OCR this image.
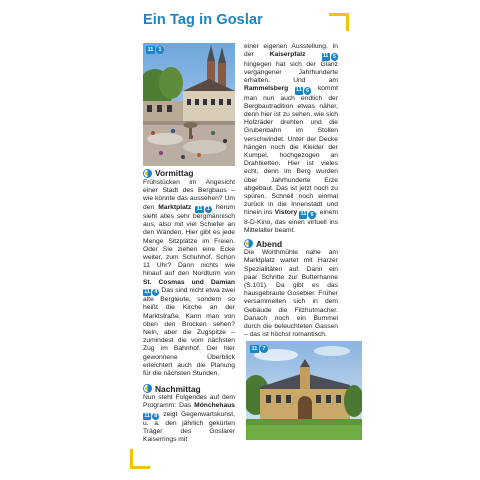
Ein Tag in Goslar
11 1
Vormittag

Frühstücken im Angesicht einer Stadt des Bergbaus – wie könnte das aussehen? Um den Marktplatz 11 1 herum sieht alles sehr bergmännisch aus, also mit viel Schiefer an den Wänden. Hier gibt es jede Menge Sitzplätze im Freien. Oder Sie ziehen eine Ecke weiter, zum Schuhhof. Schon 11 Uhr? Dann nichts wie hinauf auf den Nordturm von St. Cosmas und Damian
11 4 Das sind nicht etwa zwei alte Bergleute, sondern so heißt die Kirche an der Marktstraße. Kann man von oben den Brocken sehen? Nein, aber die Zugspitze – zumindest die vom nächsten Zug im Bahnhof. Der hier gewonnene Überblick erleichtert auch die Planung für die nächsten Stunden.

Nachmittag

Nun steht Folgendes auf dem Programm: Das Mönchehaus
11 8 zeigt Gegenwartskunst, u. a. den jährlich gekürten Träger des Goslarer Kaiserrings mit

einer eigenen Ausstellung. In der Kaiserpfalz	11 5
hingegen hat sich der Glanz vergangener Jahrhunderte erhalten. Und am Rammelsberg 11 6	kommt man nun auch endlich der Bergbautradition etwas näher, denn hier ist zu sehen, wie sich Holzräder drehten und die Grubenbahn im Stollen verschwindet. Unter der Decke hängen noch die Kleider der Kumpel, hochgezogen an Drahtketten. Hier ist vieles echt, denn im Berg wurden über Jahrhunderte Erze abgebaut. Das ist jetzt noch zu spüren. Schnell noch einmal zurück in die Innenstadt und hinein ins Vistory 11 6 , einem 8-D-Kino, das einen virtuell ins Mittelalter beamt.

Abend

Die Worthmühle nahe am Marktplatz wartet mit Harzer Spezialitäten auf. Dann ein paar Schritte zur Butterhanne (S.101). Da gibt es das hausgebraute Gosebier. Früher versammelten sich in dem Gebäude die Filzhutmacher. Danach noch ein Bummel durch die beleuchteten Gassen – das ist höchst romantisch.

11 7
